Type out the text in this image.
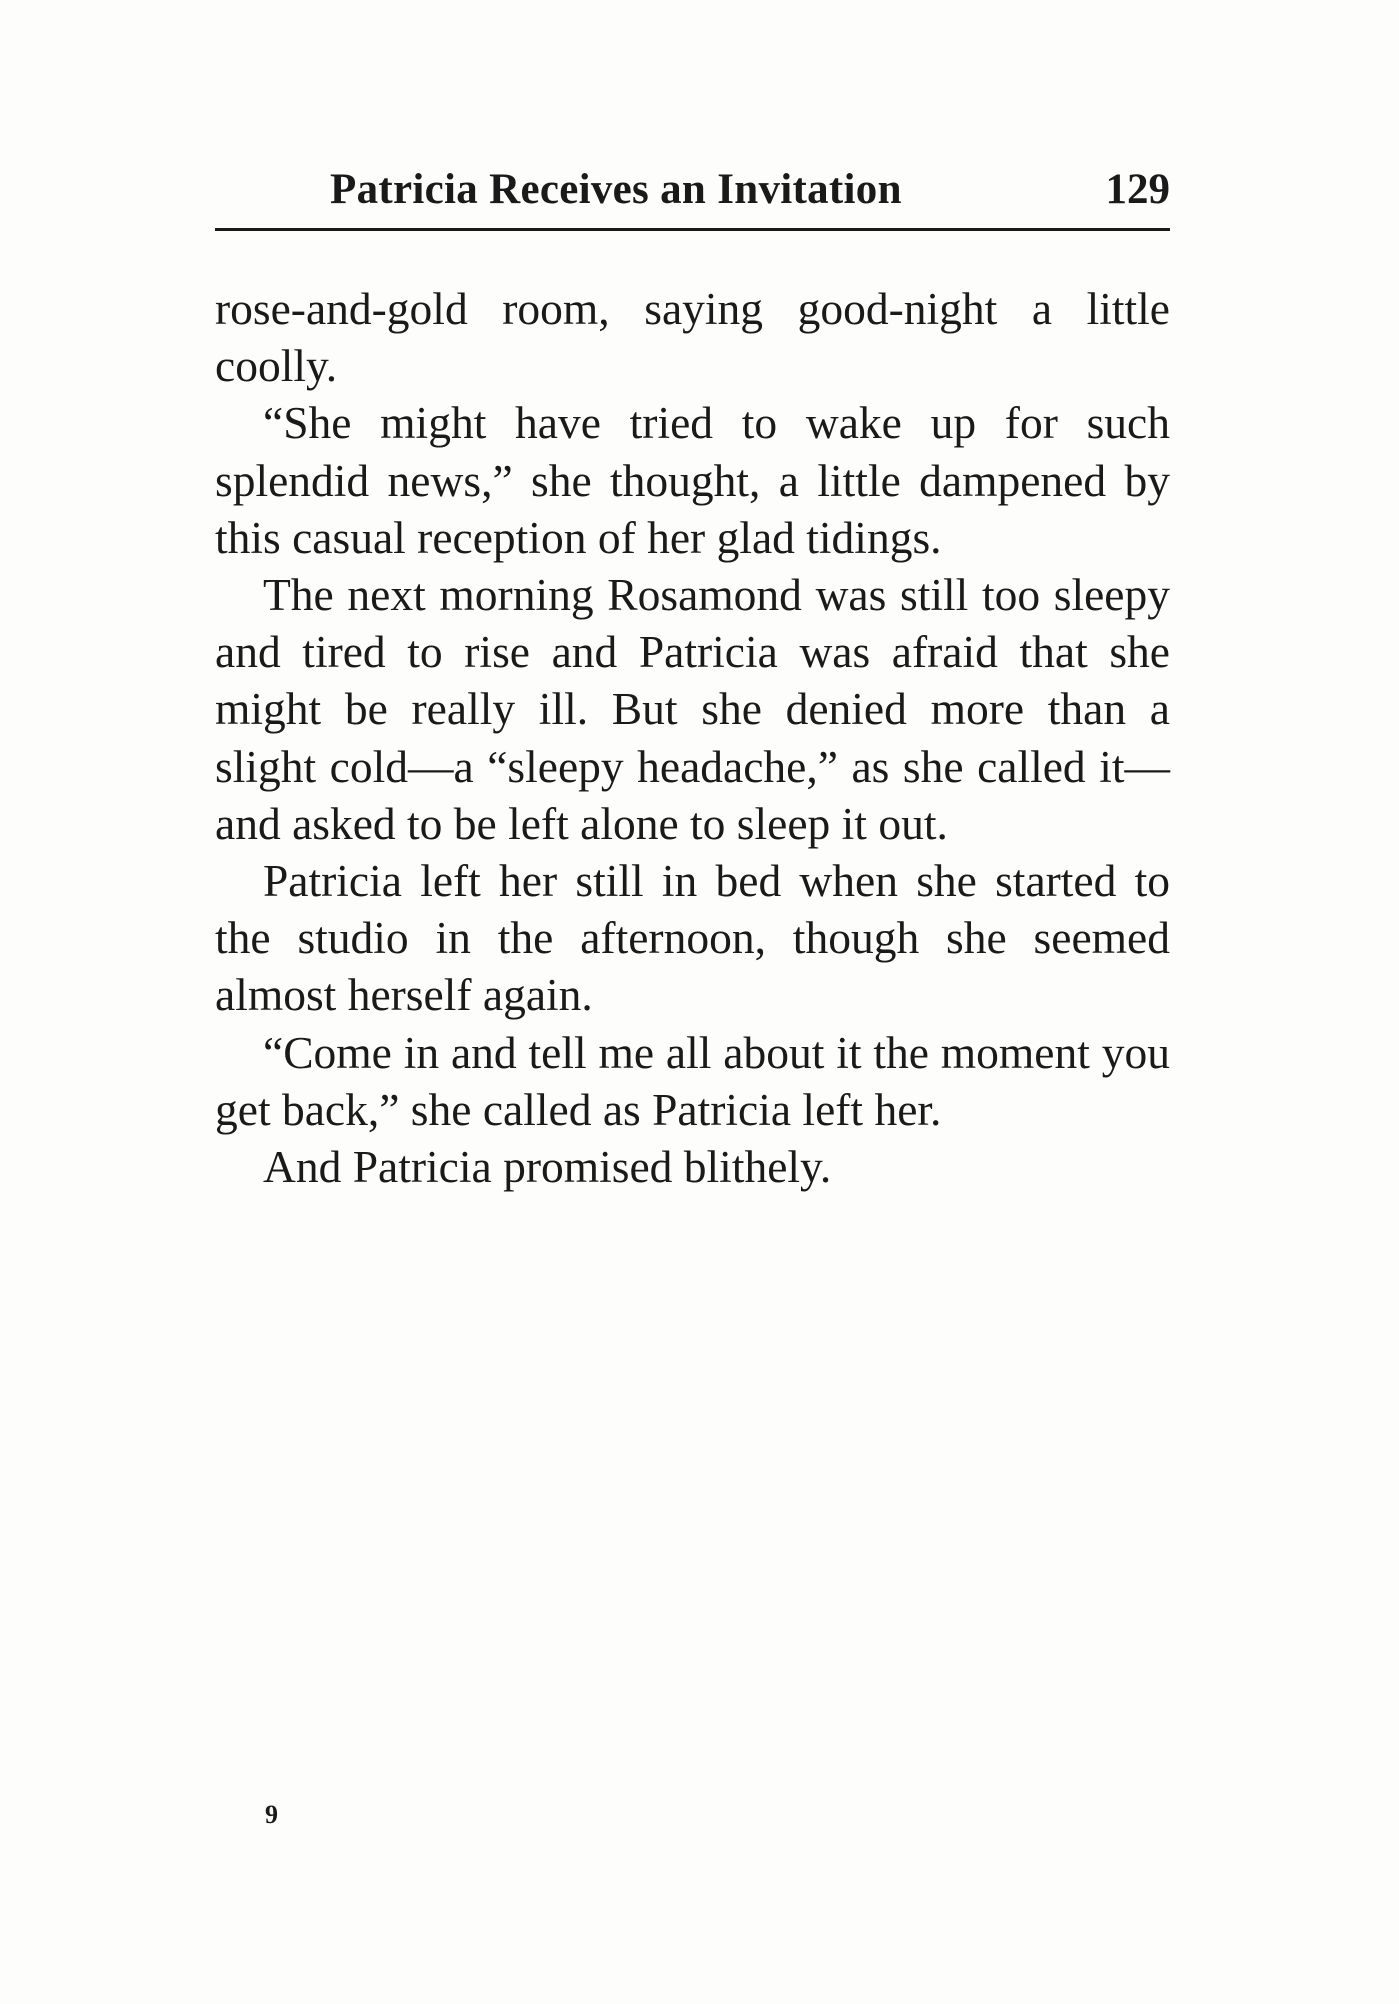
Patricia Receives an Invitation	129

rose-and-gold room, saying good-night a little coolly.

“She might have tried to wake up for such splendid news,” she thought, a little dampened by this casual reception of her glad tidings.

The next morning Rosamond was still too sleepy and tired to rise and Patricia was afraid that she might be really ill. But she denied more than a slight cold—a “sleepy headache,” as she called it—and asked to be left alone to sleep it out.

Patricia left her still in bed when she started to the studio in the afternoon, though she seemed almost herself again.

“Come in and tell me all about it the moment you get back,” she called as Patricia left her.

And Patricia promised blithely.

9
